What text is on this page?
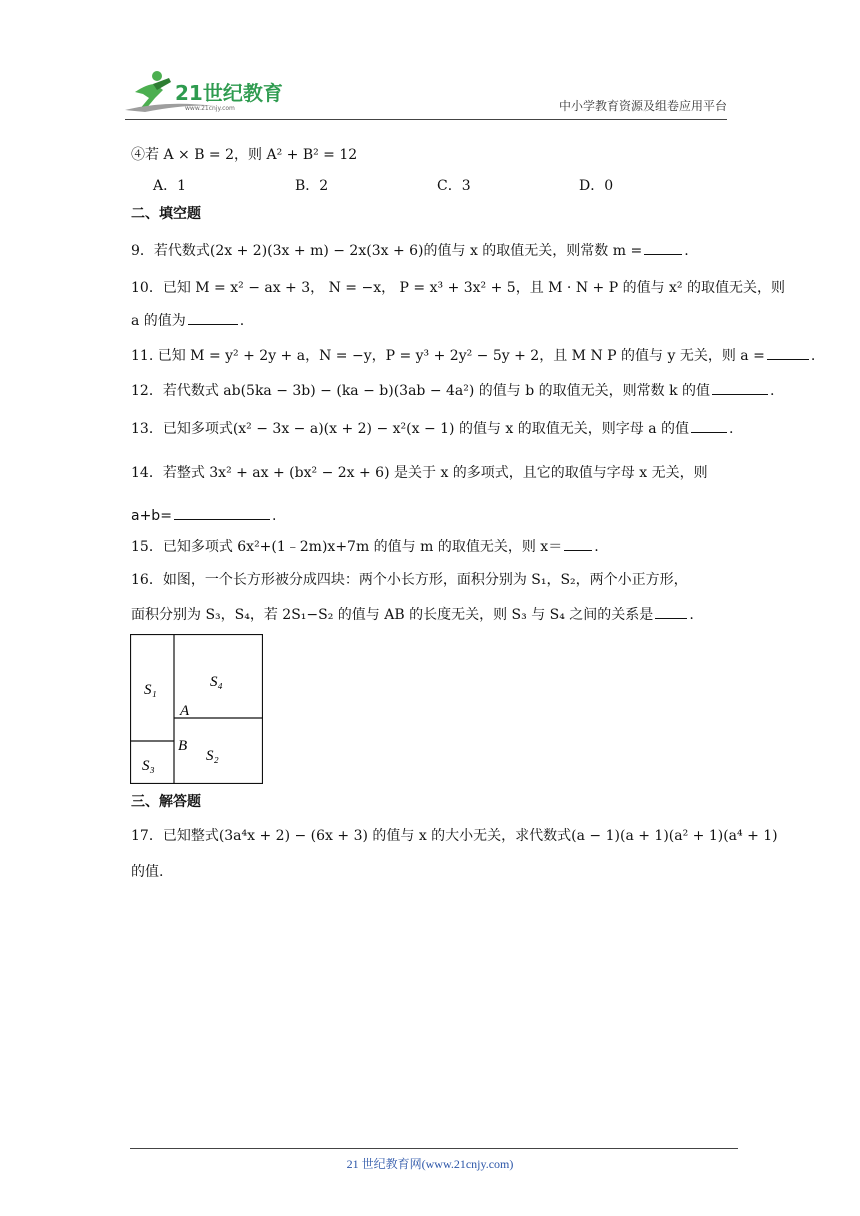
21世纪教育
www.21cnjy.com	中小学教育资源及组卷应用平台
④若 A × B = 2，则 A² + B² = 12
A．1	B．2	C．3	D．0
二、填空题
9．若代数式(2x + 2)(3x + m) − 2x(3x + 6)的值与 x 的取值无关，则常数 m =	.
10．已知 M = x² − ax + 3， N = −x， P = x³ + 3x² + 5，且 M · N + P 的值与 x² 的取值无关，则
a 的值为	.
11. 已知 M = y² + 2y + a，N = −y，P = y³ + 2y² − 5y + 2，且 M N P 的值与 y 无关，则 a =	.
12．若代数式 ab(5ka − 3b) − (ka − b)(3ab − 4a²) 的值与 b 的取值无关，则常数 k 的值	.
13．已知多项式(x² − 3x − a)(x + 2) − x²(x − 1) 的值与 x 的取值无关，则字母 a 的值	.
14．若整式 3x² + ax + (bx² − 2x + 6) 是关于 x 的多项式，且它的取值与字母 x 无关，则
a+b=	.
15．已知多项式 6x²+(1﹣2m)x+7m 的值与 m 的取值无关，则 x＝ .
16．如图，一个长方形被分成四块：两个小长方形，面积分别为 S₁，S₂，两个小正方形，
面积分别为 S₃，S₄，若 2S₁−S₂ 的值与 AB 的长度无关，则 S₃ 与 S₄ 之间的关系是	.
S₁	S₄
A
B
S₂
S₃
三、解答题
17．已知整式(3a⁴x + 2) − (6x + 3) 的值与 x 的大小无关，求代数式(a − 1)(a + 1)(a² + 1)(a⁴ + 1)
的值.
21 世纪教育网(www.21cnjy.com)
